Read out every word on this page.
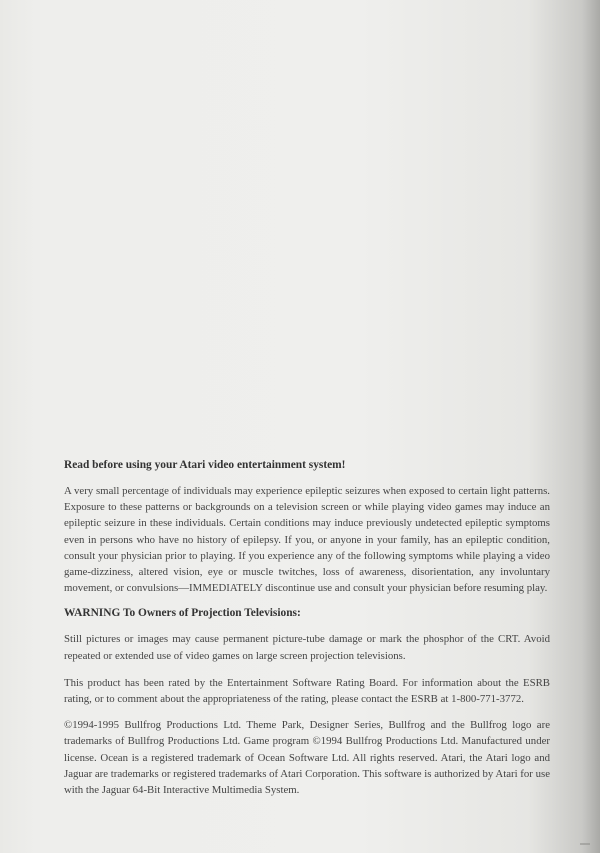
Read before using your Atari video entertainment system!

A very small percentage of individuals may experience epileptic seizures when exposed to certain light patterns. Exposure to these patterns or backgrounds on a television screen or while playing video games may induce an epileptic seizure in these individuals. Certain conditions may induce previously undetected epileptic symptoms even in persons who have no history of epilepsy. If you, or anyone in your family, has an epileptic condition, consult your physician prior to playing. If you experience any of the following symptoms while playing a video game-dizziness, altered vision, eye or muscle twitches, loss of awareness, disorientation, any involuntary movement, or convulsions—IMMEDIATELY discontinue use and consult your physician before resuming play.

WARNING To Owners of Projection Televisions:

Still pictures or images may cause permanent picture-tube damage or mark the phosphor of the CRT. Avoid repeated or extended use of video games on large screen projection televisions.

This product has been rated by the Entertainment Software Rating Board. For information about the ESRB rating, or to comment about the appropriateness of the rating, please contact the ESRB at 1-800-771-3772.

©1994-1995 Bullfrog Productions Ltd. Theme Park, Designer Series, Bullfrog and the Bullfrog logo are trademarks of Bullfrog Productions Ltd. Game program ©1994 Bullfrog Productions Ltd. Manufactured under license. Ocean is a registered trademark of Ocean Software Ltd. All rights reserved. Atari, the Atari logo and Jaguar are trademarks or registered trademarks of Atari Corporation. This software is authorized by Atari for use with the Jaguar 64-Bit Interactive Multimedia System.
